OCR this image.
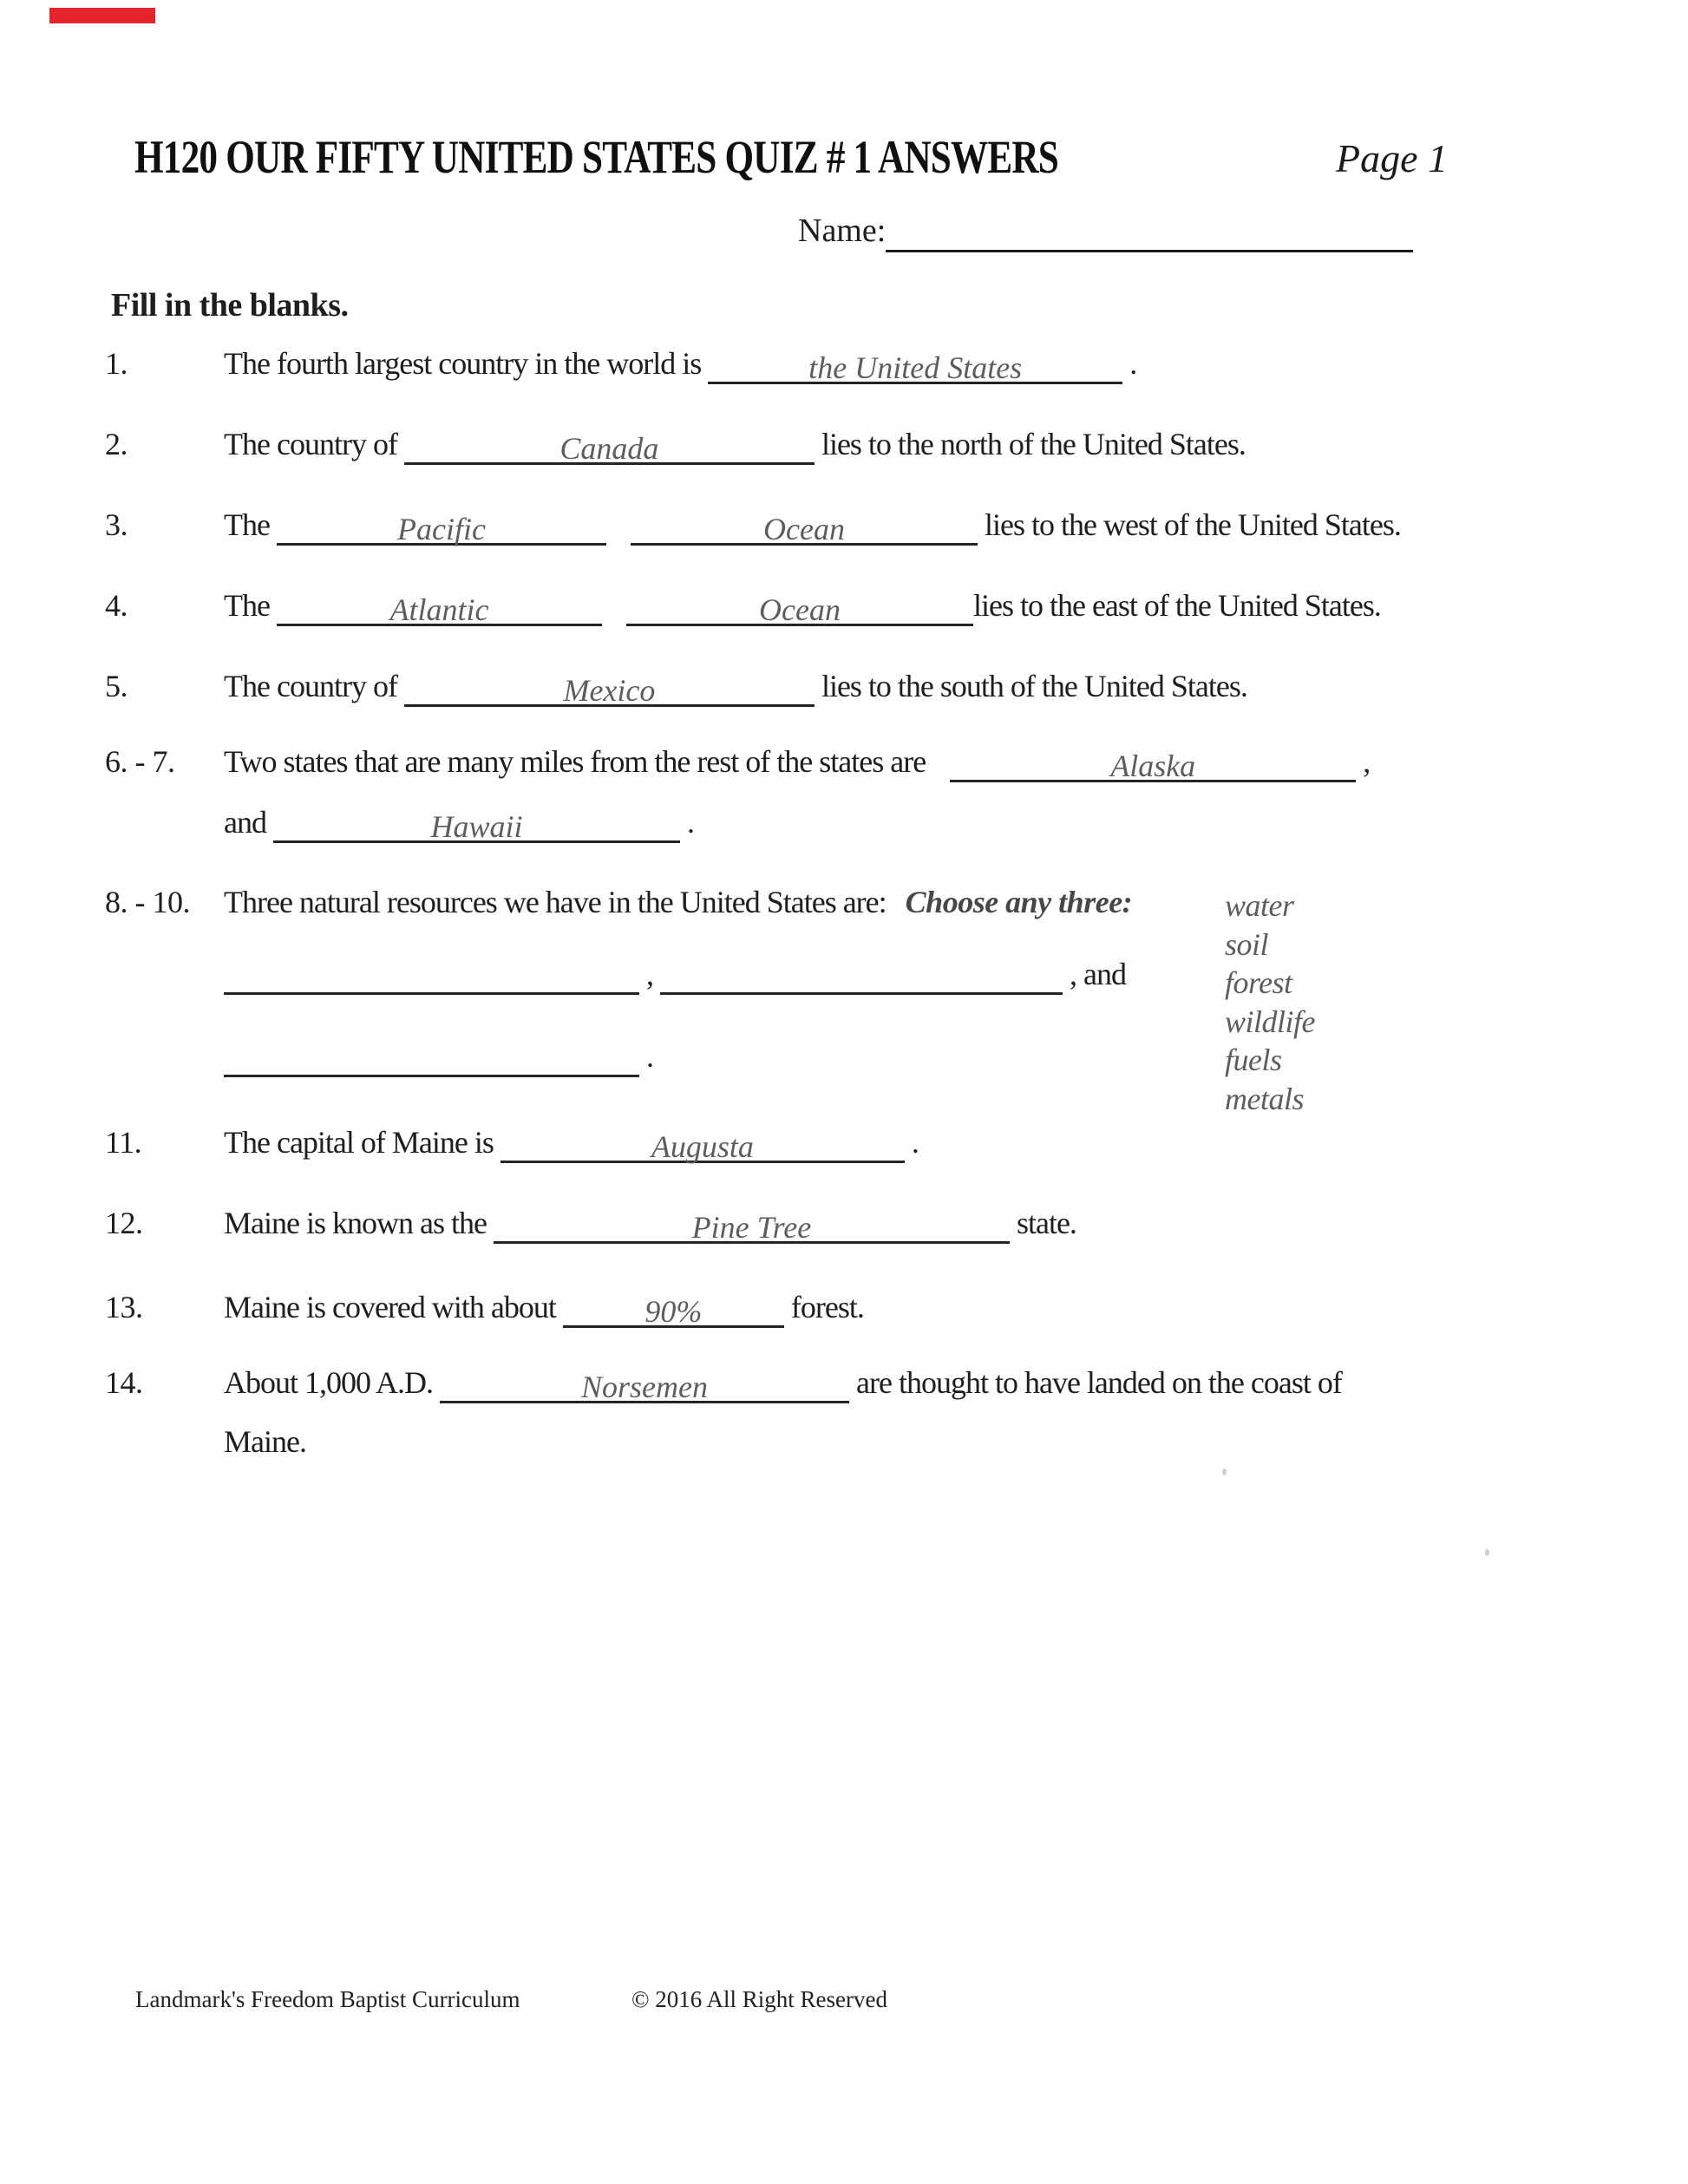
H120 OUR FIFTY UNITED STATES QUIZ # 1 ANSWERS	Page 1
Name:
Fill in the blanks.
1.	The fourth largest country in the world is	the United States	.
2.	The country of	Canada	lies to the north of the United States.
3.	The	Pacific	Ocean	lies to the west of the United States.
4.	The	Atlantic	Ocean	lies to the east of the United States.
5.	The country of	Mexico	lies to the south of the United States.
6. - 7. Two states that are many miles from the rest of the states are	Alaska	,
and	Hawaii	.
8. - 10. Three natural resources we have in the United States are: Choose any three:
,	, and
.
11.	The capital of Maine is	Augusta	.
12.	Maine is known as the	Pine Tree	state.
13.	Maine is covered with about	90%	forest.
14.	About 1,000 A.D.	Norsemen	are thought to have landed on the coast of
Maine.
water
soil
forest
wildlife
fuels
metals
Landmark's Freedom Baptist Curriculum	© 2016 All Right Reserved
